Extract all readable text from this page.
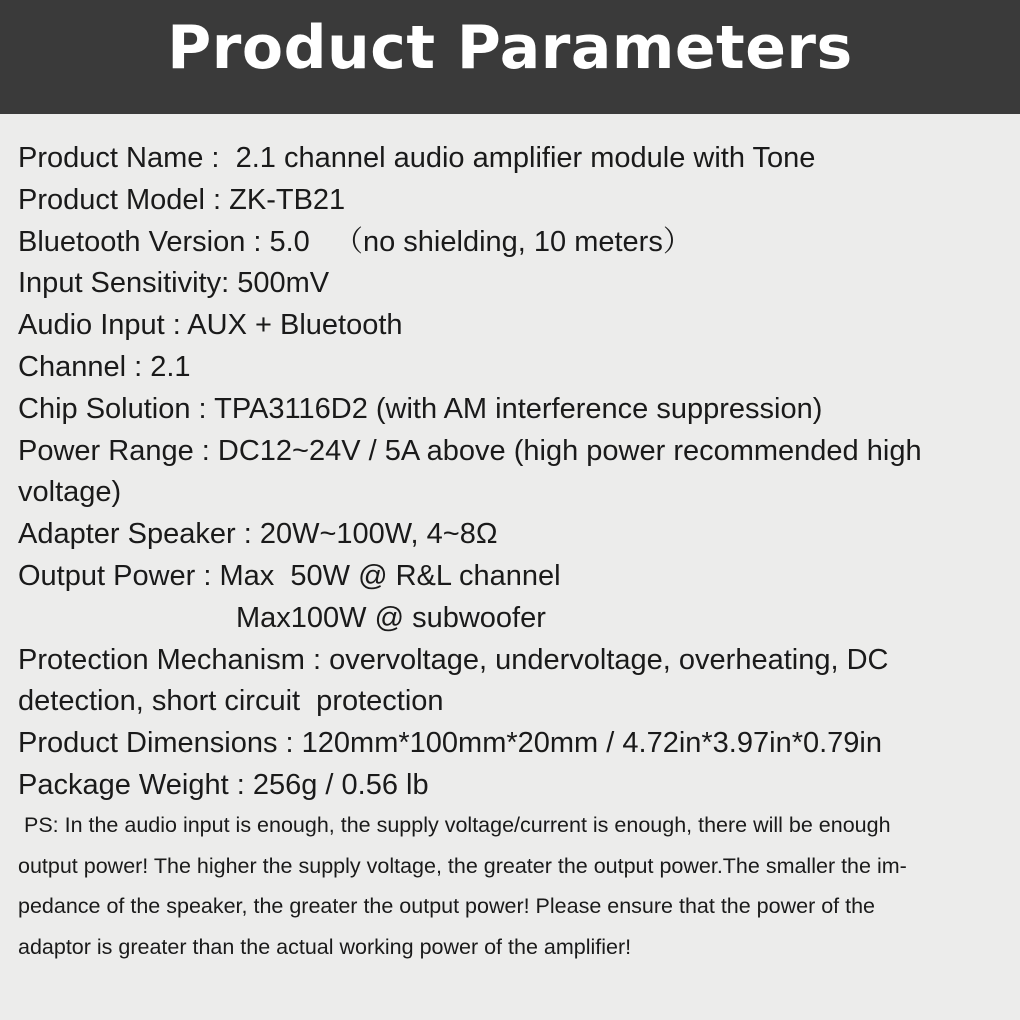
Product Parameters
Product Name :  2.1 channel audio amplifier module with Tone
Product Model : ZK-TB21
Bluetooth Version : 5.0   （no shielding, 10 meters）
Input Sensitivity: 500mV
Audio Input : AUX + Bluetooth
Channel : 2.1
Chip Solution : TPA3116D2 (with AM interference suppression)
Power Range : DC12~24V / 5A above (high power recommended high
voltage)
Adapter Speaker : 20W~100W, 4~8Ω
Output Power : Max  50W @ R&L channel
Max100W @ subwoofer
Protection Mechanism : overvoltage, undervoltage, overheating, DC
detection, short circuit  protection
Product Dimensions : 120mm*100mm*20mm / 4.72in*3.97in*0.79in
Package Weight : 256g / 0.56 lb
PS: In the audio input is enough, the supply voltage/current is enough, there will be enough
output power! The higher the supply voltage, the greater the output power.The smaller the im-
pedance of the speaker, the greater the output power! Please ensure that the power of the
adaptor is greater than the actual working power of the amplifier!
